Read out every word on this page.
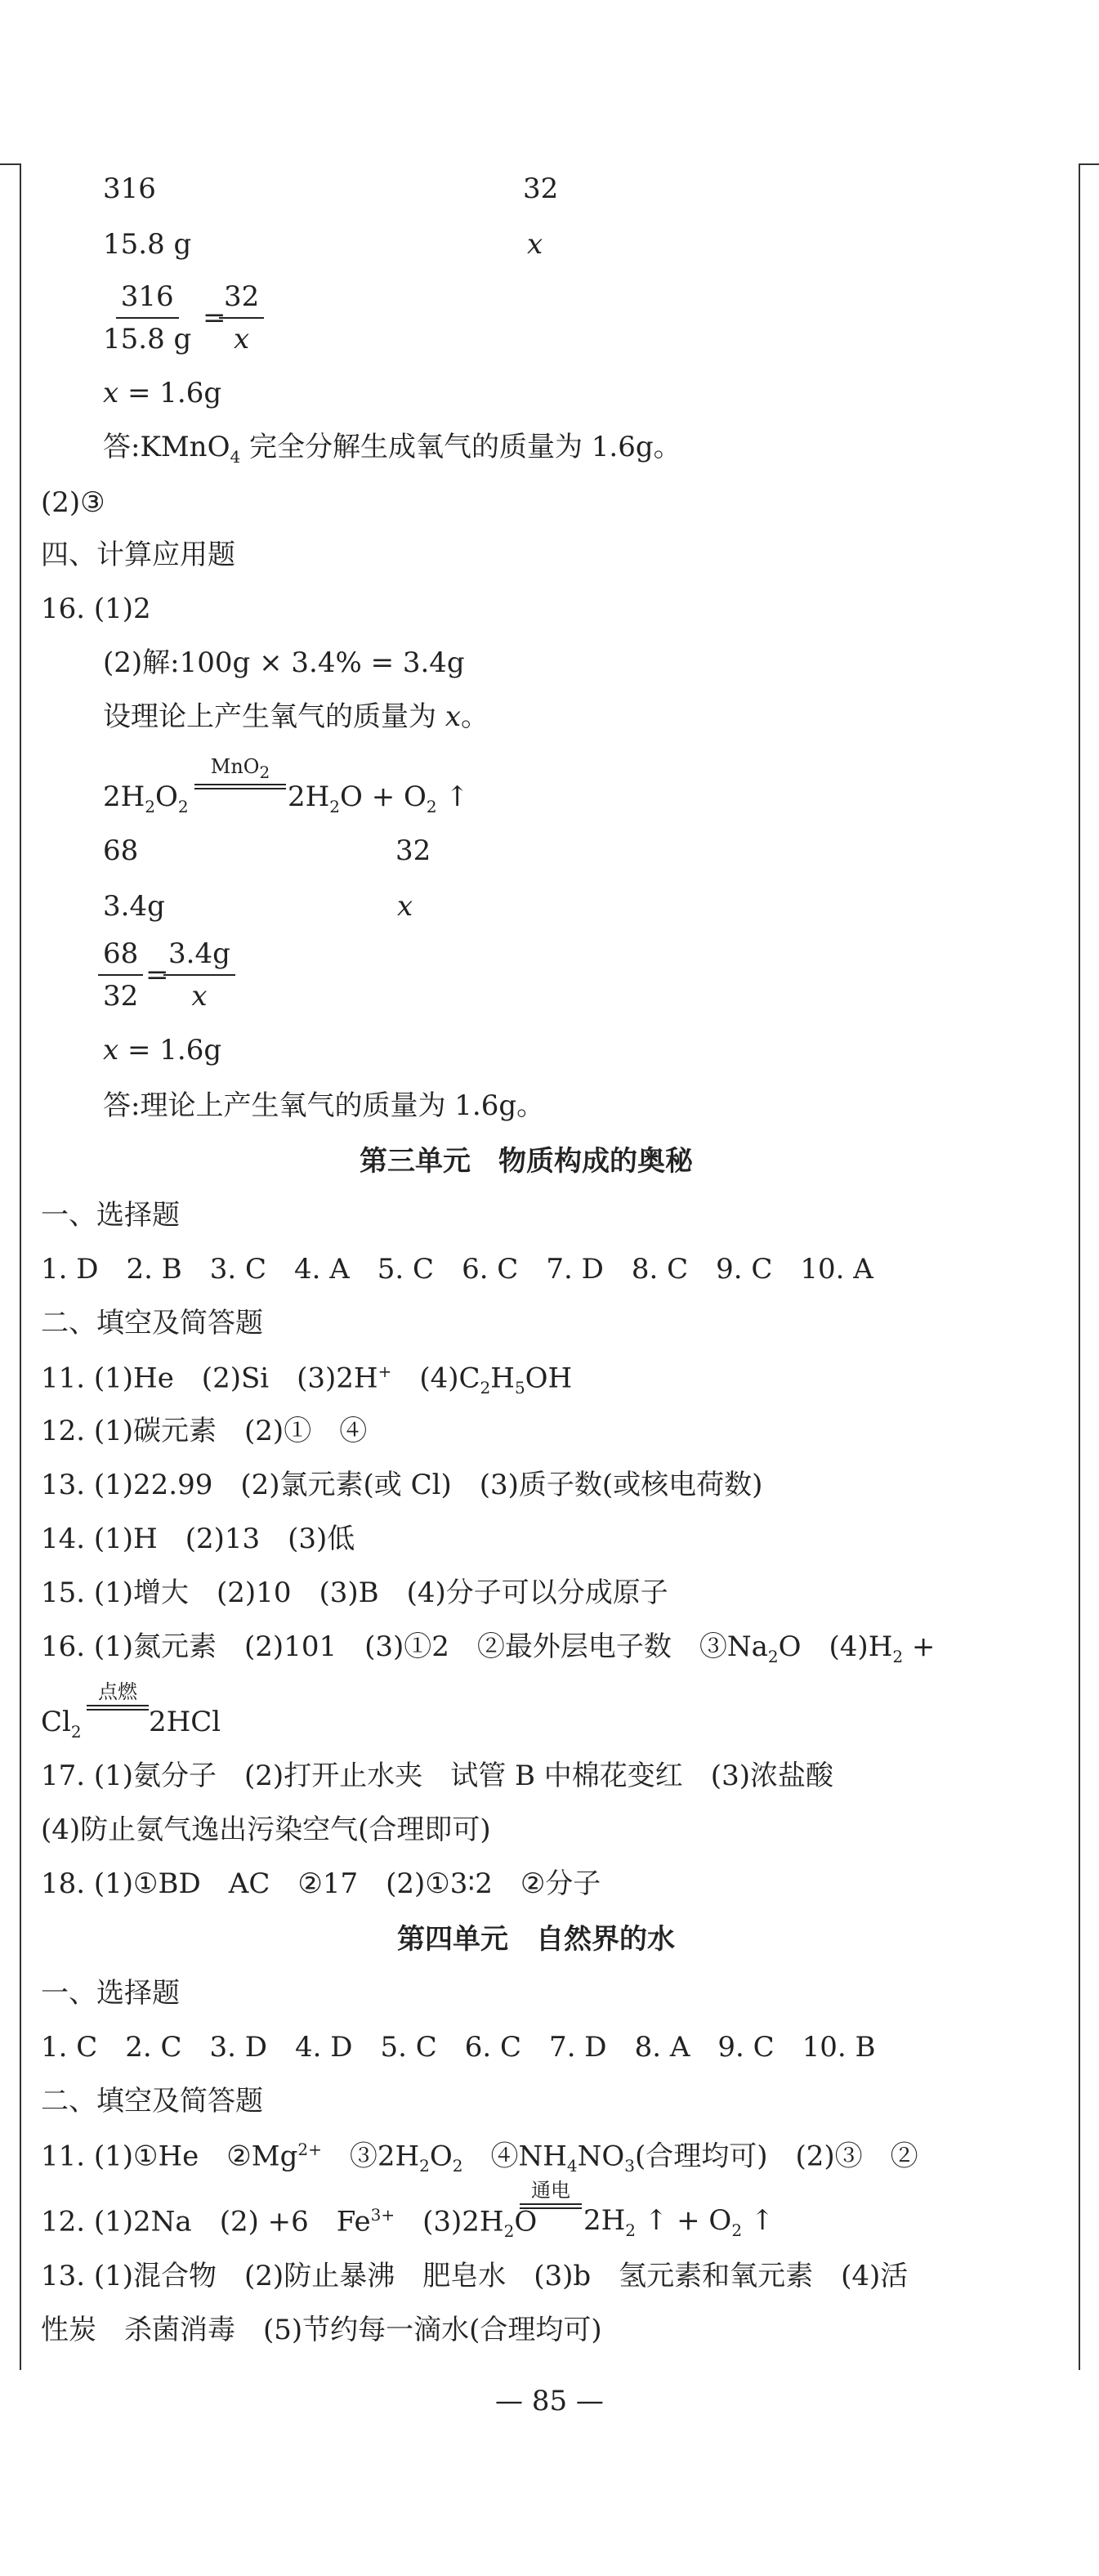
316	32
15.8 g	x
$\frac{316}{15.8 g}$ =
$\frac{32}{x}$
x = 1.6g
答:KMnO$_4$ 完全分解生成氧气的质量为 1.6g。
(2)③
四、计算应用题
16. (1)2
(2)解:100g × 3.4% = 3.4g
设理论上产生氧气的质量为 x。
$2H_2O_2$
MnO$_2$
$2H_2O + O_2$ ↑
68	32
3.4g	x
$\frac{68}{32}$ =
$\frac{3.4g}{x}$
x = 1.6g
答:理论上产生氧气的质量为 1.6g。
第三单元　物质构成的奥秘
一、选择题
1. D　2. B　3. C　4. A　5. C　6. C　7. D　8. C　9. C　10. A
二、填空及简答题
11. (1)He　(2)Si　(3)2H+　$(4)C_2H_5OH$
12. (1)碳元素　(2)①　④
13. (1)22.99　(2)氯元素(或 Cl)　(3)质子数(或核电荷数)
14. (1)H　(2)13　(3)低
15. (1)增大　(2)10　(3)B　(4)分子可以分成原子
16. (1)氮元素　(2)101　(3)①2　②最外层电子数　$③Na_2O$　$(4)H_2$ +
$Cl_2$
点燃
2HCl
17. (1)氨分子　(2)打开止水夹　试管 B 中棉花变红　(3)浓盐酸
(4)防止氨气逸出污染空气(合理即可)
18. (1)①BD　AC　②17　(2)①3∶2　②分子
第四单元　自然界的水
一、选择题
1. C　2. C　3. D　4. D　5. C　6. C　7. D　8. A　9. C　10. B
二、填空及简答题
11. (1)①He　$②Mg^{2+}$　$③2H_2O_2$　$④NH_4NO_3$(合理均可)　(2)③　②
12. (1)2Na　(2) +6　$Fe^{3+}$　$(3)2H_2O$
通电
$2H_2$ ↑ + $O_2$ ↑
13. (1)混合物　(2)防止暴沸　肥皂水　(3)b　氢元素和氧元素　(4)活
性炭　杀菌消毒　(5)节约每一滴水(合理均可)
— 85 —
